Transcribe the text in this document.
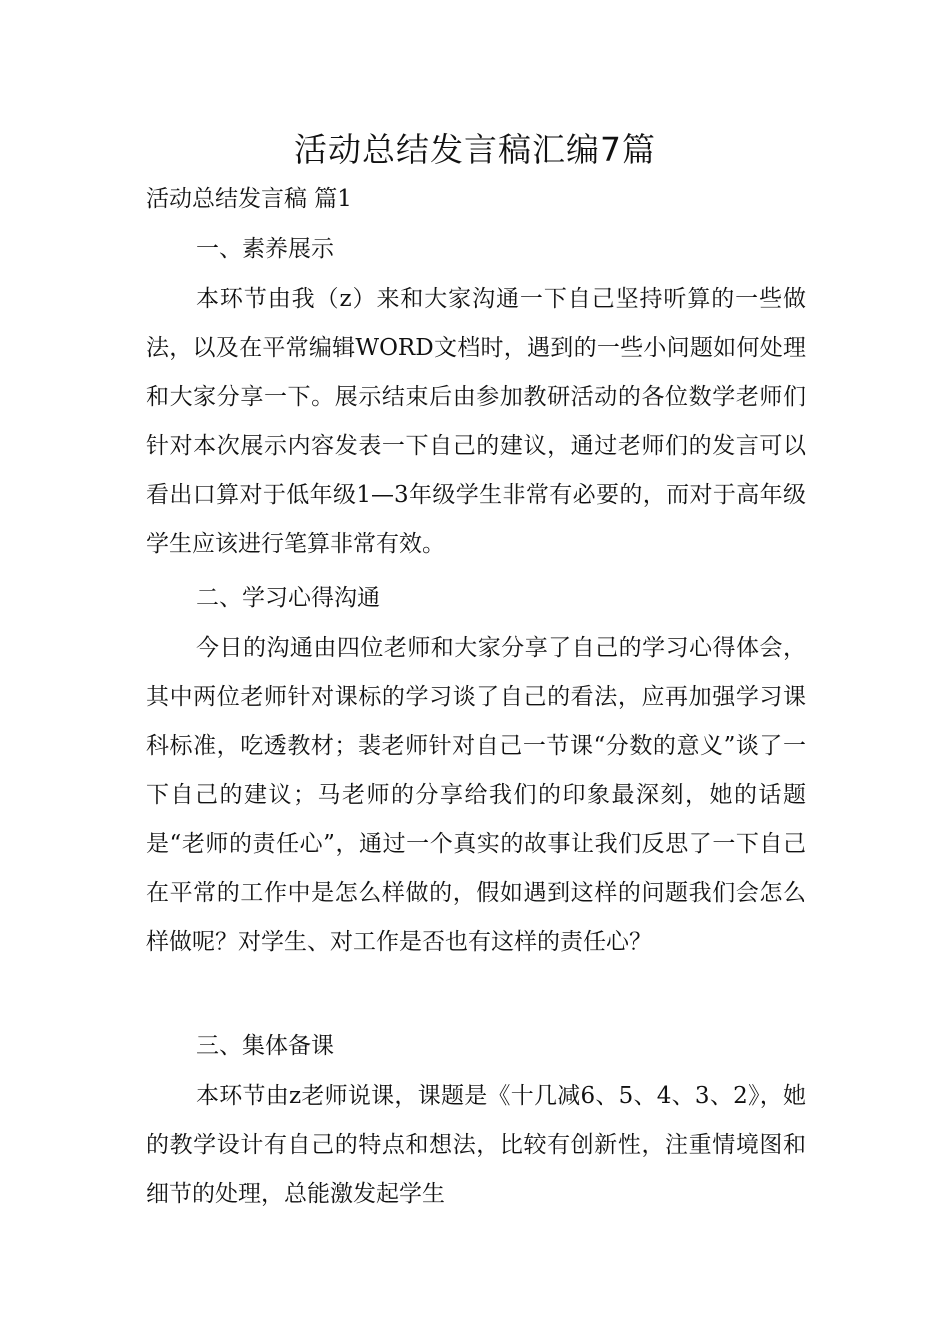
活动总结发言稿汇编7篇

活动总结发言稿 篇1

一、素养展示

本环节由我（z）来和大家沟通一下自己坚持听算的一些做法，以及在平常编辑WORD文档时，遇到的一些小问题如何处理和大家分享一下。展示结束后由参加教研活动的各位数学老师们针对本次展示内容发表一下自己的建议，通过老师们的发言可以看出口算对于低年级1—3年级学生非常有必要的，而对于高年级学生应该进行笔算非常有效。

二、学习心得沟通

今日的沟通由四位老师和大家分享了自己的学习心得体会，其中两位老师针对课标的学习谈了自己的看法，应再加强学习课科标准，吃透教材；裴老师针对自己一节课“分数的意义”谈了一下自己的建议；马老师的分享给我们的印象最深刻，她的话题是“老师的责任心”，通过一个真实的故事让我们反思了一下自己在平常的工作中是怎么样做的，假如遇到这样的问题我们会怎么样做呢？对学生、对工作是否也有这样的责任心？

三、集体备课

本环节由z老师说课，课题是《十几减6、5、4、3、2》，她的教学设计有自己的特点和想法，比较有创新性，注重情境图和细节的处理，总能激发起学生
